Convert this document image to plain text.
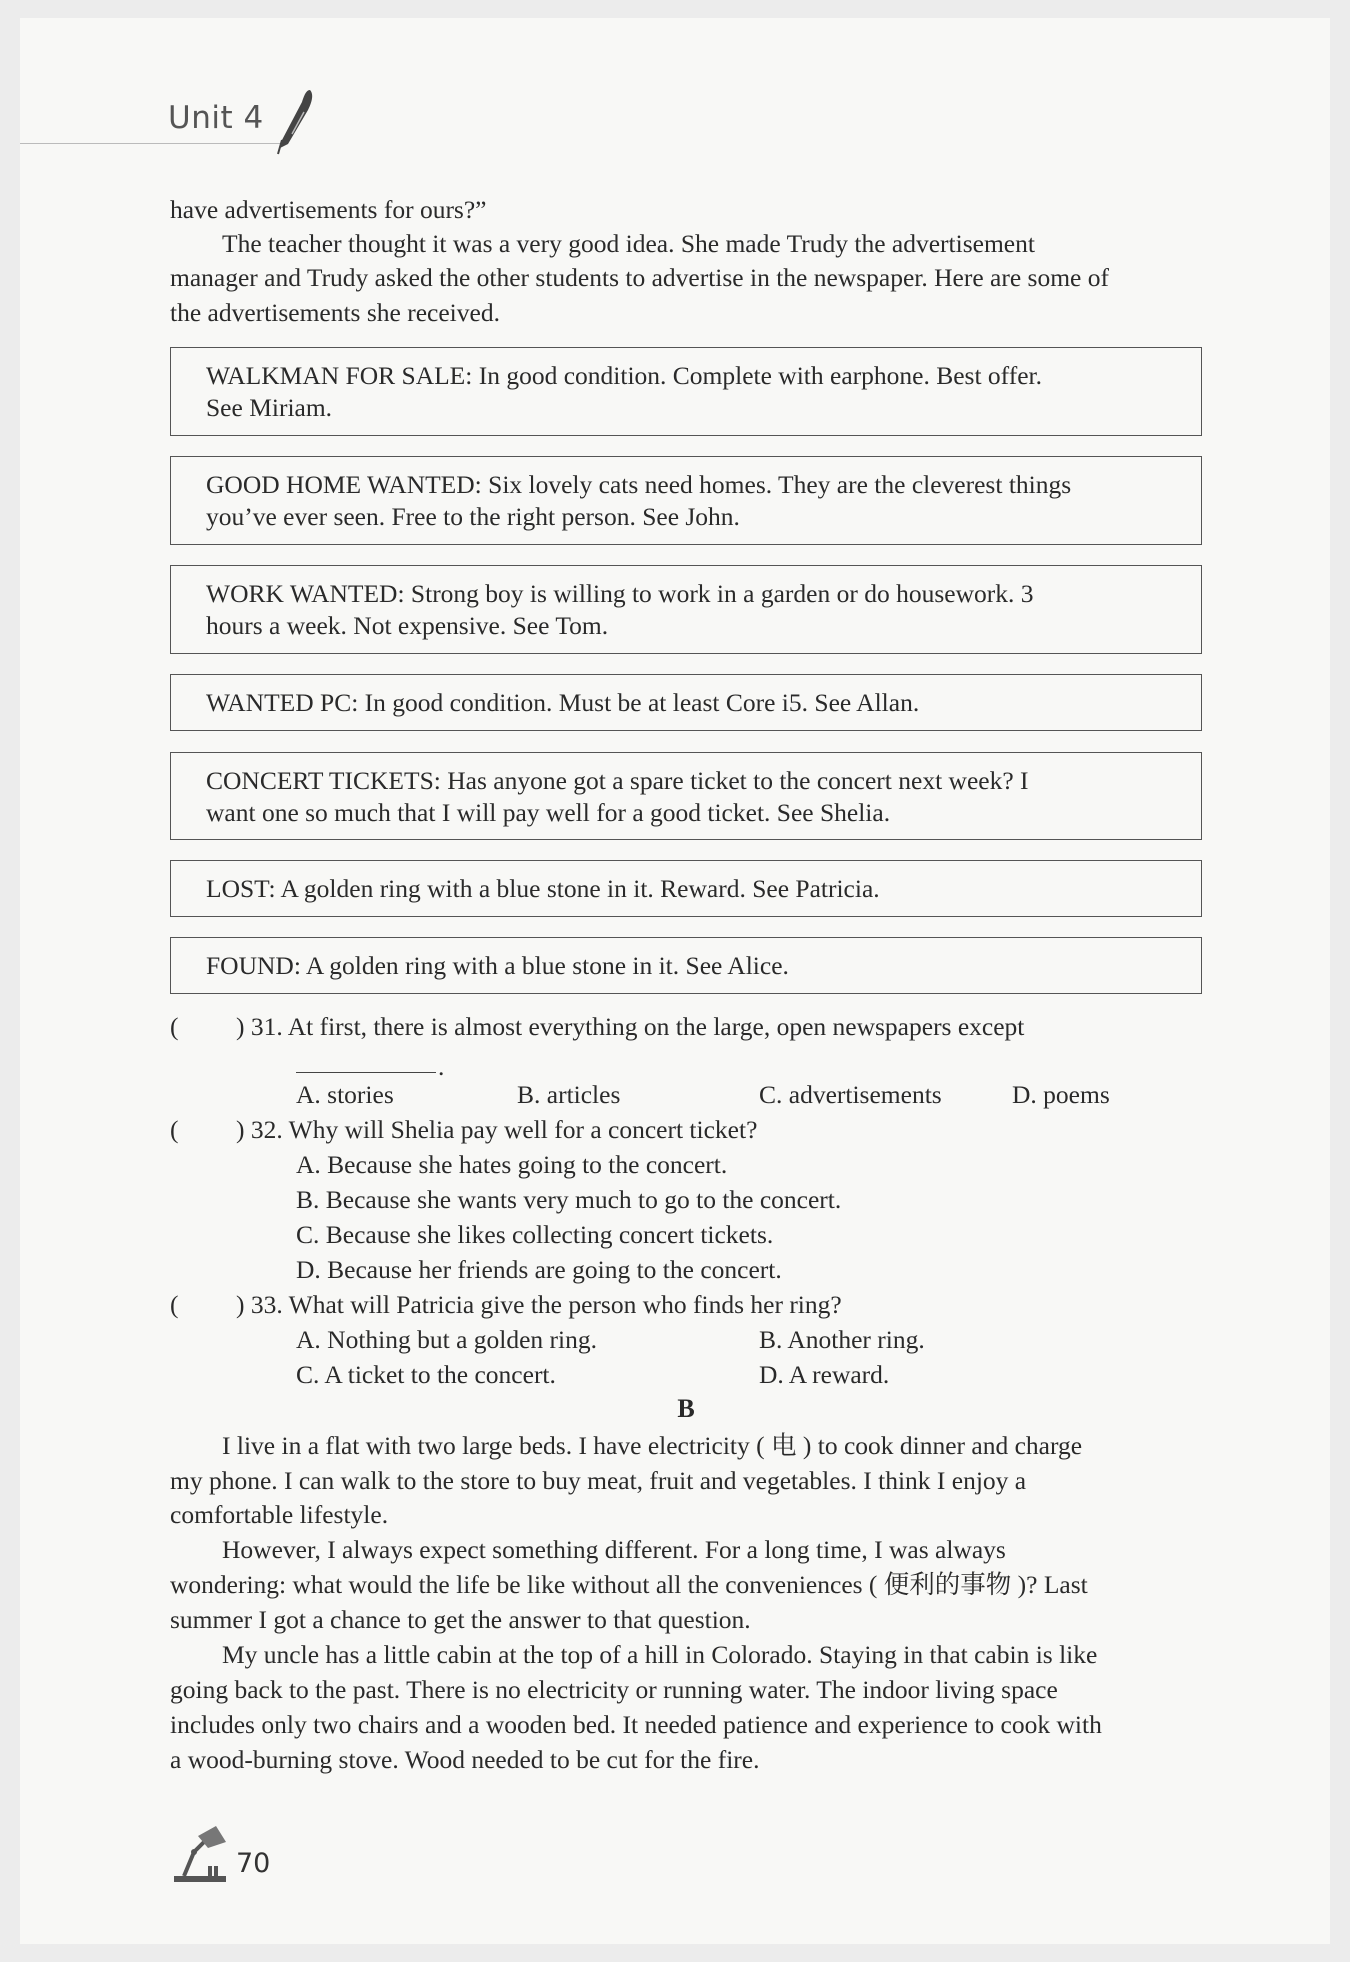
Unit 4
have advertisements for ours?”
The teacher thought it was a very good idea. She made Trudy the advertisement
manager and Trudy asked the other students to advertise in the newspaper. Here are some of
the advertisements she received.
WALKMAN FOR SALE: In good condition. Complete with earphone. Best offer.
See Miriam.
GOOD HOME WANTED: Six lovely cats need homes. They are the cleverest things
you’ve ever seen. Free to the right person. See John.
WORK WANTED: Strong boy is willing to work in a garden or do housework. 3
hours a week. Not expensive. See Tom.
WANTED PC: In good condition. Must be at least Core i5. See Allan.
CONCERT TICKETS: Has anyone got a spare ticket to the concert next week? I
want one so much that I will pay well for a good ticket. See Shelia.
LOST: A golden ring with a blue stone in it. Reward. See Patricia.
FOUND: A golden ring with a blue stone in it. See Alice.
( ) 31. At first, there is almost everything on the large, open newspapers except
.
A. stories	B. articles	C. advertisements	D. poems
( ) 32. Why will Shelia pay well for a concert ticket?
A. Because she hates going to the concert.
B. Because she wants very much to go to the concert.
C. Because she likes collecting concert tickets.
D. Because her friends are going to the concert.
( ) 33. What will Patricia give the person who finds her ring?
A. Nothing but a golden ring.	B. Another ring.
C. A ticket to the concert.	D. A reward.
B
I live in a flat with two large beds. I have electricity ( 电 ) to cook dinner and charge
my phone. I can walk to the store to buy meat, fruit and vegetables. I think I enjoy a
comfortable lifestyle.
However, I always expect something different. For a long time, I was always
wondering: what would the life be like without all the conveniences ( 便利的事物 )? Last
summer I got a chance to get the answer to that question.
My uncle has a little cabin at the top of a hill in Colorado. Staying in that cabin is like
going back to the past. There is no electricity or running water. The indoor living space
includes only two chairs and a wooden bed. It needed patience and experience to cook with
a wood-burning stove. Wood needed to be cut for the fire.
70
